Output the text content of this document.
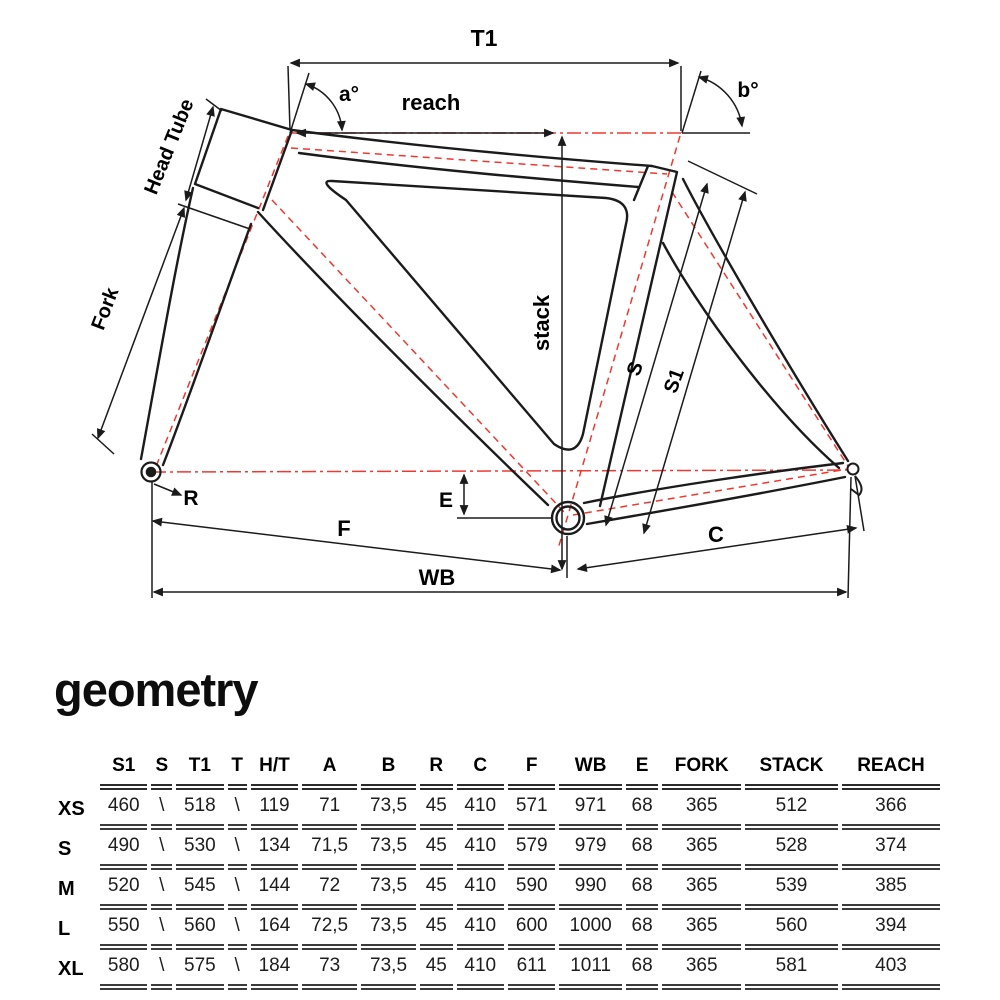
T1
a° reach	b°
Head Tube
Fork	stack
S S1
R	E
F	C
WB
geometry
	S1	S	T1	T	H/T	A	B	R	C	F	WB	E	FORK	STACK	REACH
XS	460	\	518	\	119	71	73,5	45	410	571	971	68	365	512	366
S	490	\	530	\	134	71,5	73,5	45	410	579	979	68	365	528	374
M	520	\	545	\	144	72	73,5	45	410	590	990	68	365	539	385
L	550	\	560	\	164	72,5	73,5	45	410	600	1000	68	365	560	394
XL	580	\	575	\	184	73	73,5	45	410	611	1011	68	365	581	403
